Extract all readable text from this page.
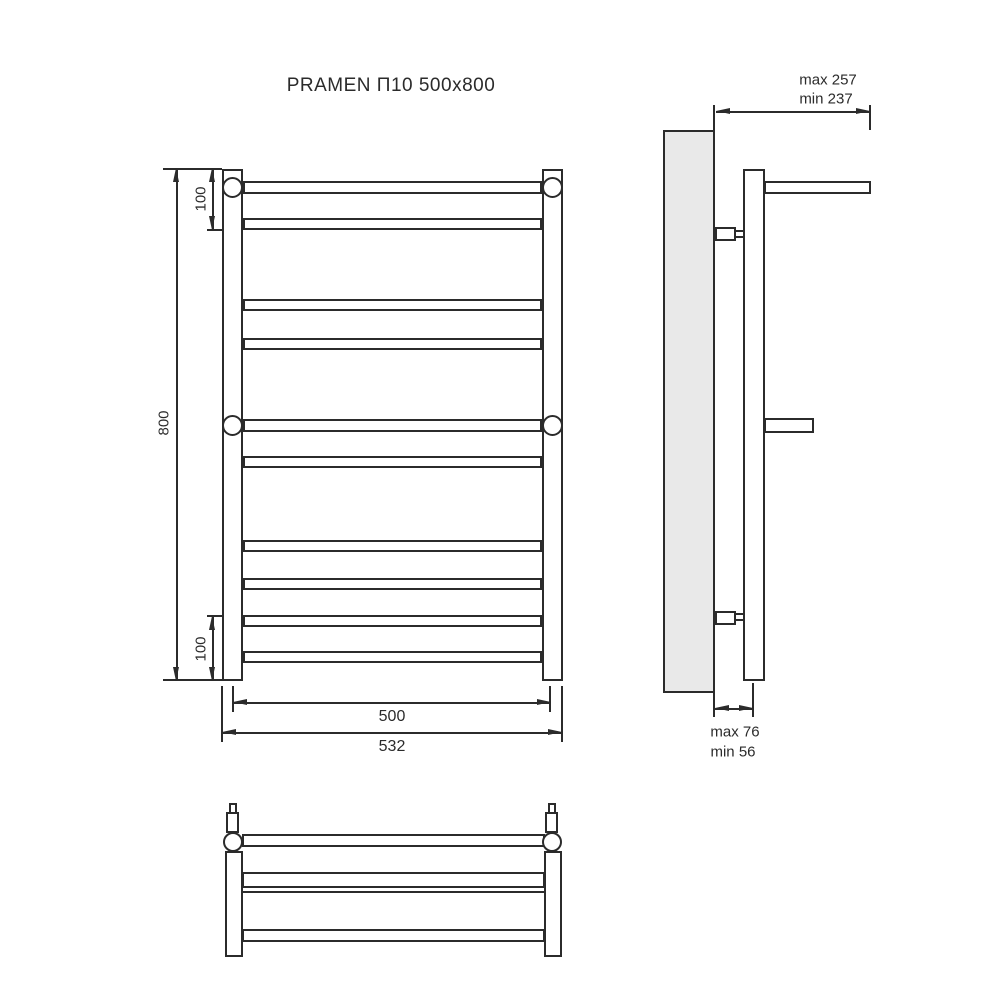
PRAMEN П10 500x800
800
100
100
500
532
max 257
min 237
max 76
min 56
